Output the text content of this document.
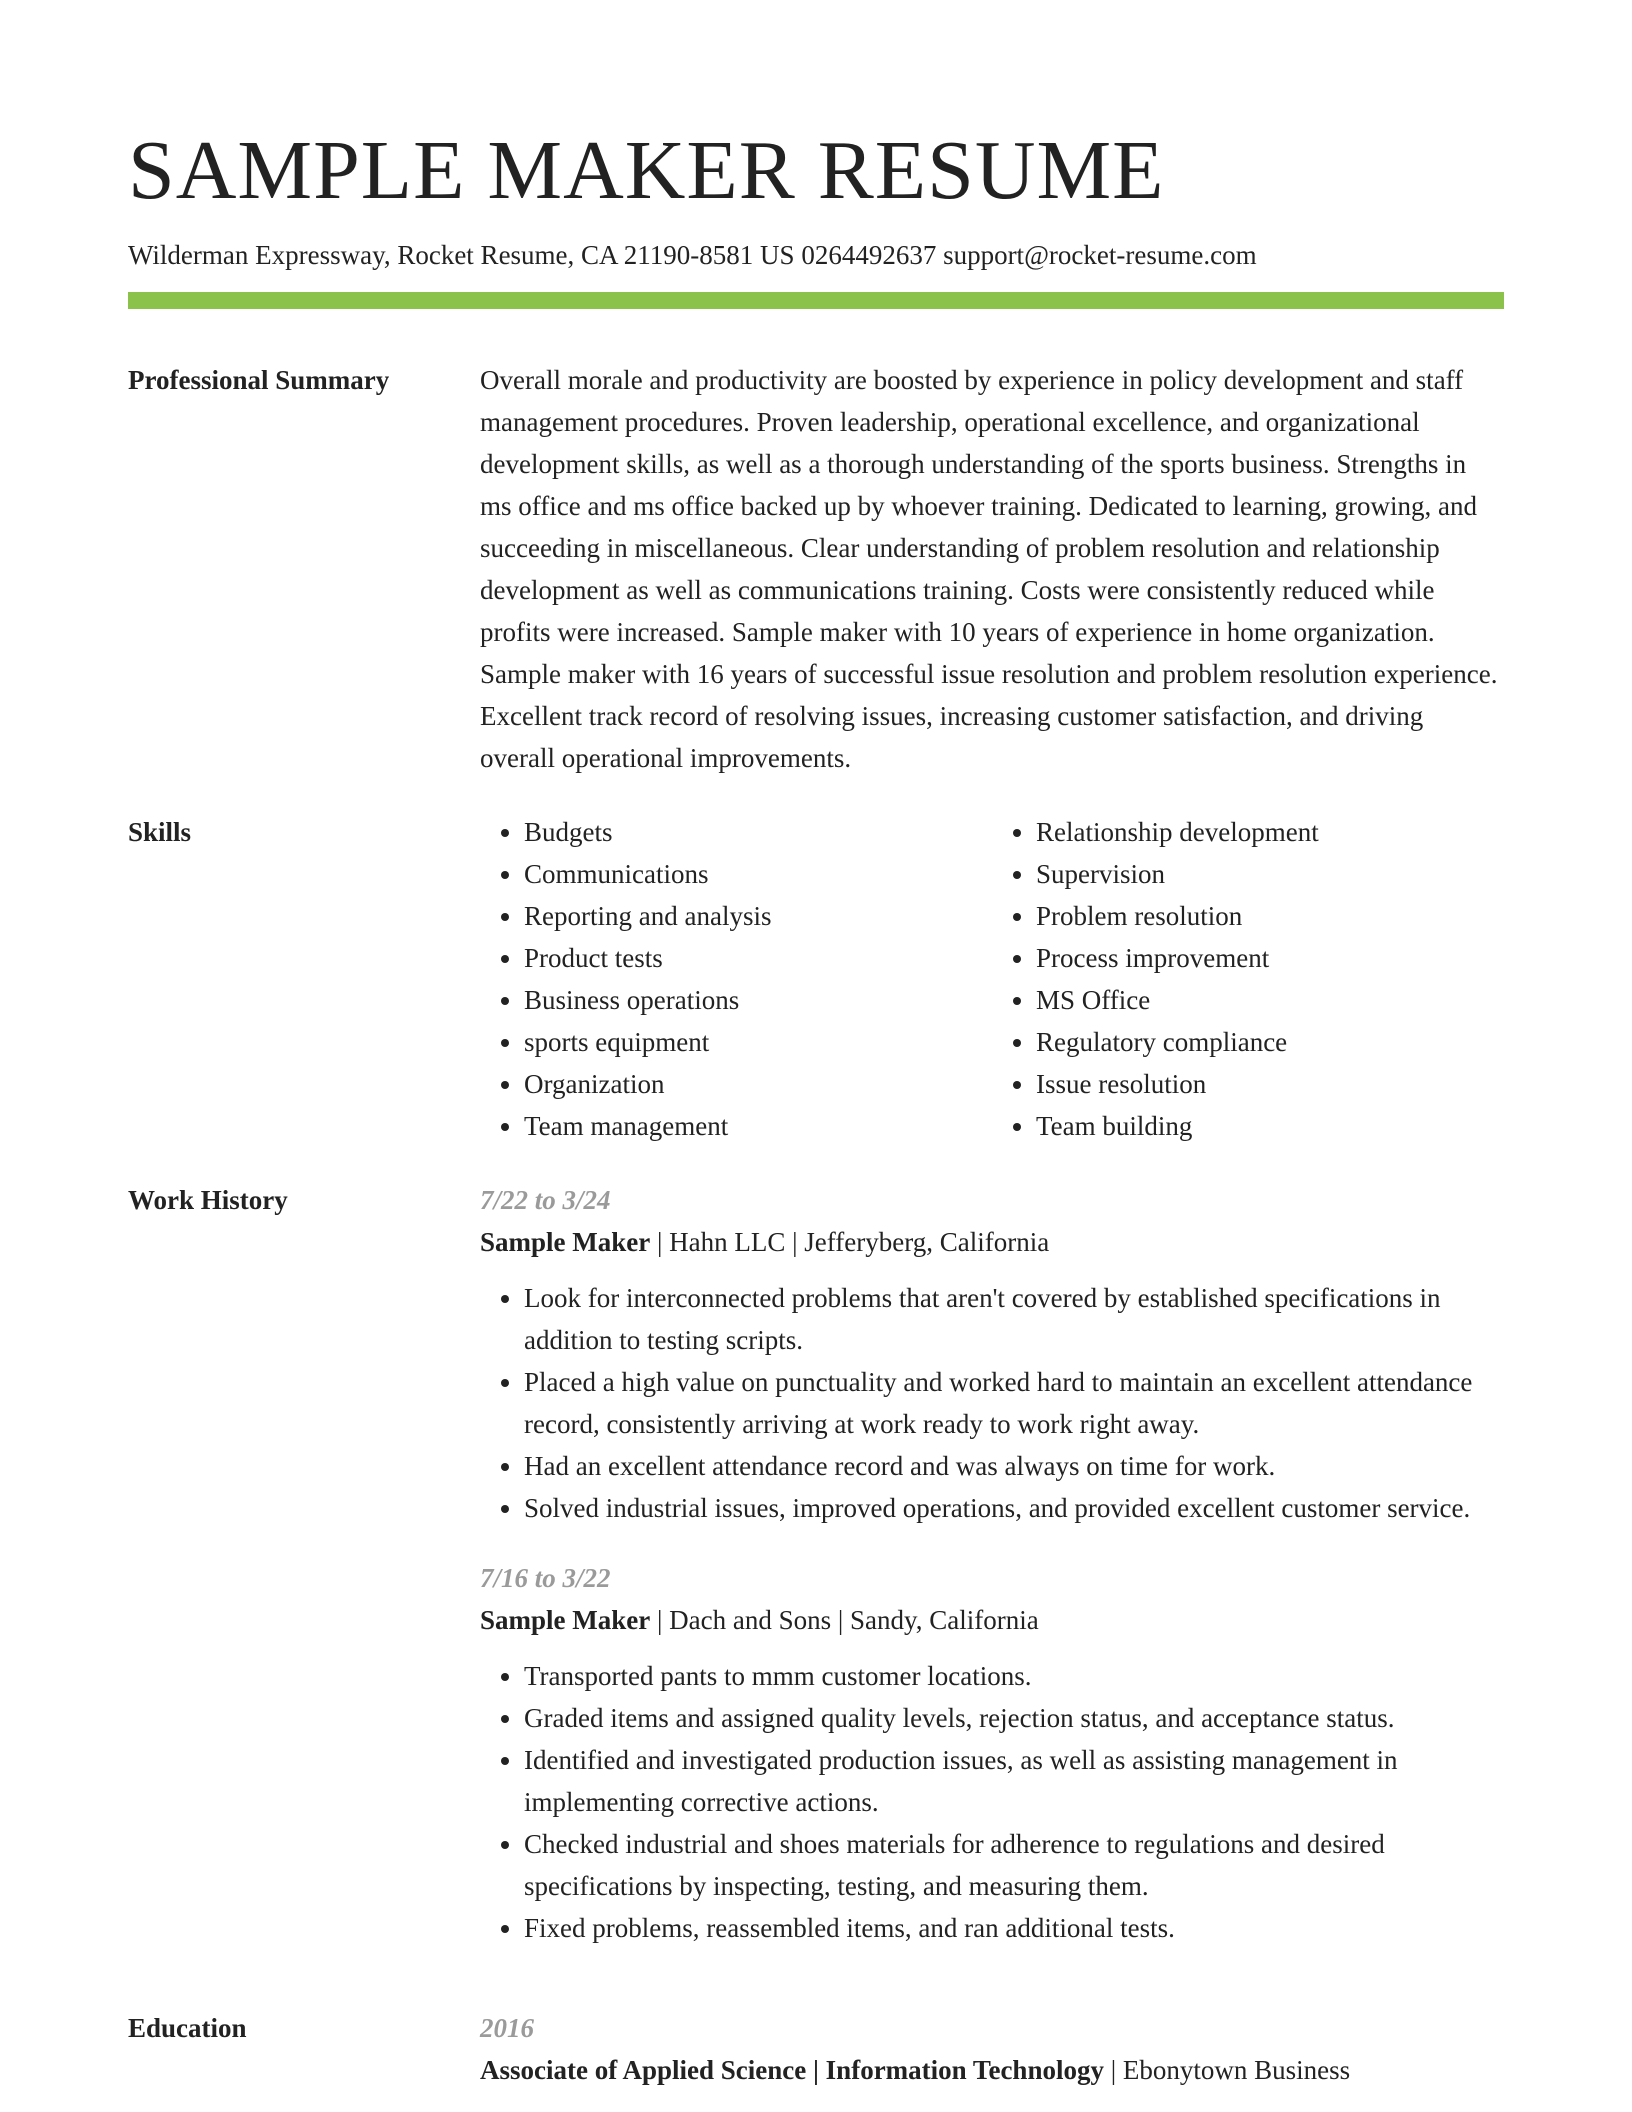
SAMPLE MAKER RESUME
Wilderman Expressway, Rocket Resume, CA 21190-8581 US 0264492637 support@rocket-resume.com
Professional Summary	Overall morale and productivity are boosted by experience in policy development and staff management procedures. Proven leadership, operational excellence, and organizational development skills, as well as a thorough understanding of the sports business. Strengths in ms office and ms office backed up by whoever training. Dedicated to learning, growing, and succeeding in miscellaneous. Clear understanding of problem resolution and relationship development as well as communications training. Costs were consistently reduced while profits were increased. Sample maker with 10 years of experience in home organization. Sample maker with 16 years of successful issue resolution and problem resolution experience. Excellent track record of resolving issues, increasing customer satisfaction, and driving overall operational improvements.

Skills
•	Budgets
• Communications
• Reporting and analysis
• Product tests
• Business operations
• sports equipment
• Organization
• Team management
• Relationship development
• Supervision
• Problem resolution
• Process improvement
• MS Office
• Regulatory compliance
• Issue resolution
• Team building
Work History	7/22 to 3/24
Sample Maker | Hahn LLC | Jefferyberg, California
• Look for interconnected problems that aren't covered by established specifications in addition to testing scripts.
• Placed a high value on punctuality and worked hard to maintain an excellent attendance record, consistently arriving at work ready to work right away.
• Had an excellent attendance record and was always on time for work.
• Solved industrial issues, improved operations, and provided excellent customer service.
7/16 to 3/22
Sample Maker | Dach and Sons | Sandy, California
• Transported pants to mmm customer locations.
• Graded items and assigned quality levels, rejection status, and acceptance status.
• Identified and investigated production issues, as well as assisting management in implementing corrective actions.
• Checked industrial and shoes materials for adherence to regulations and desired specifications by inspecting, testing, and measuring them.
• Fixed problems, reassembled items, and ran additional tests.
Education	2016
Associate of Applied Science | Information Technology | Ebonytown Business
